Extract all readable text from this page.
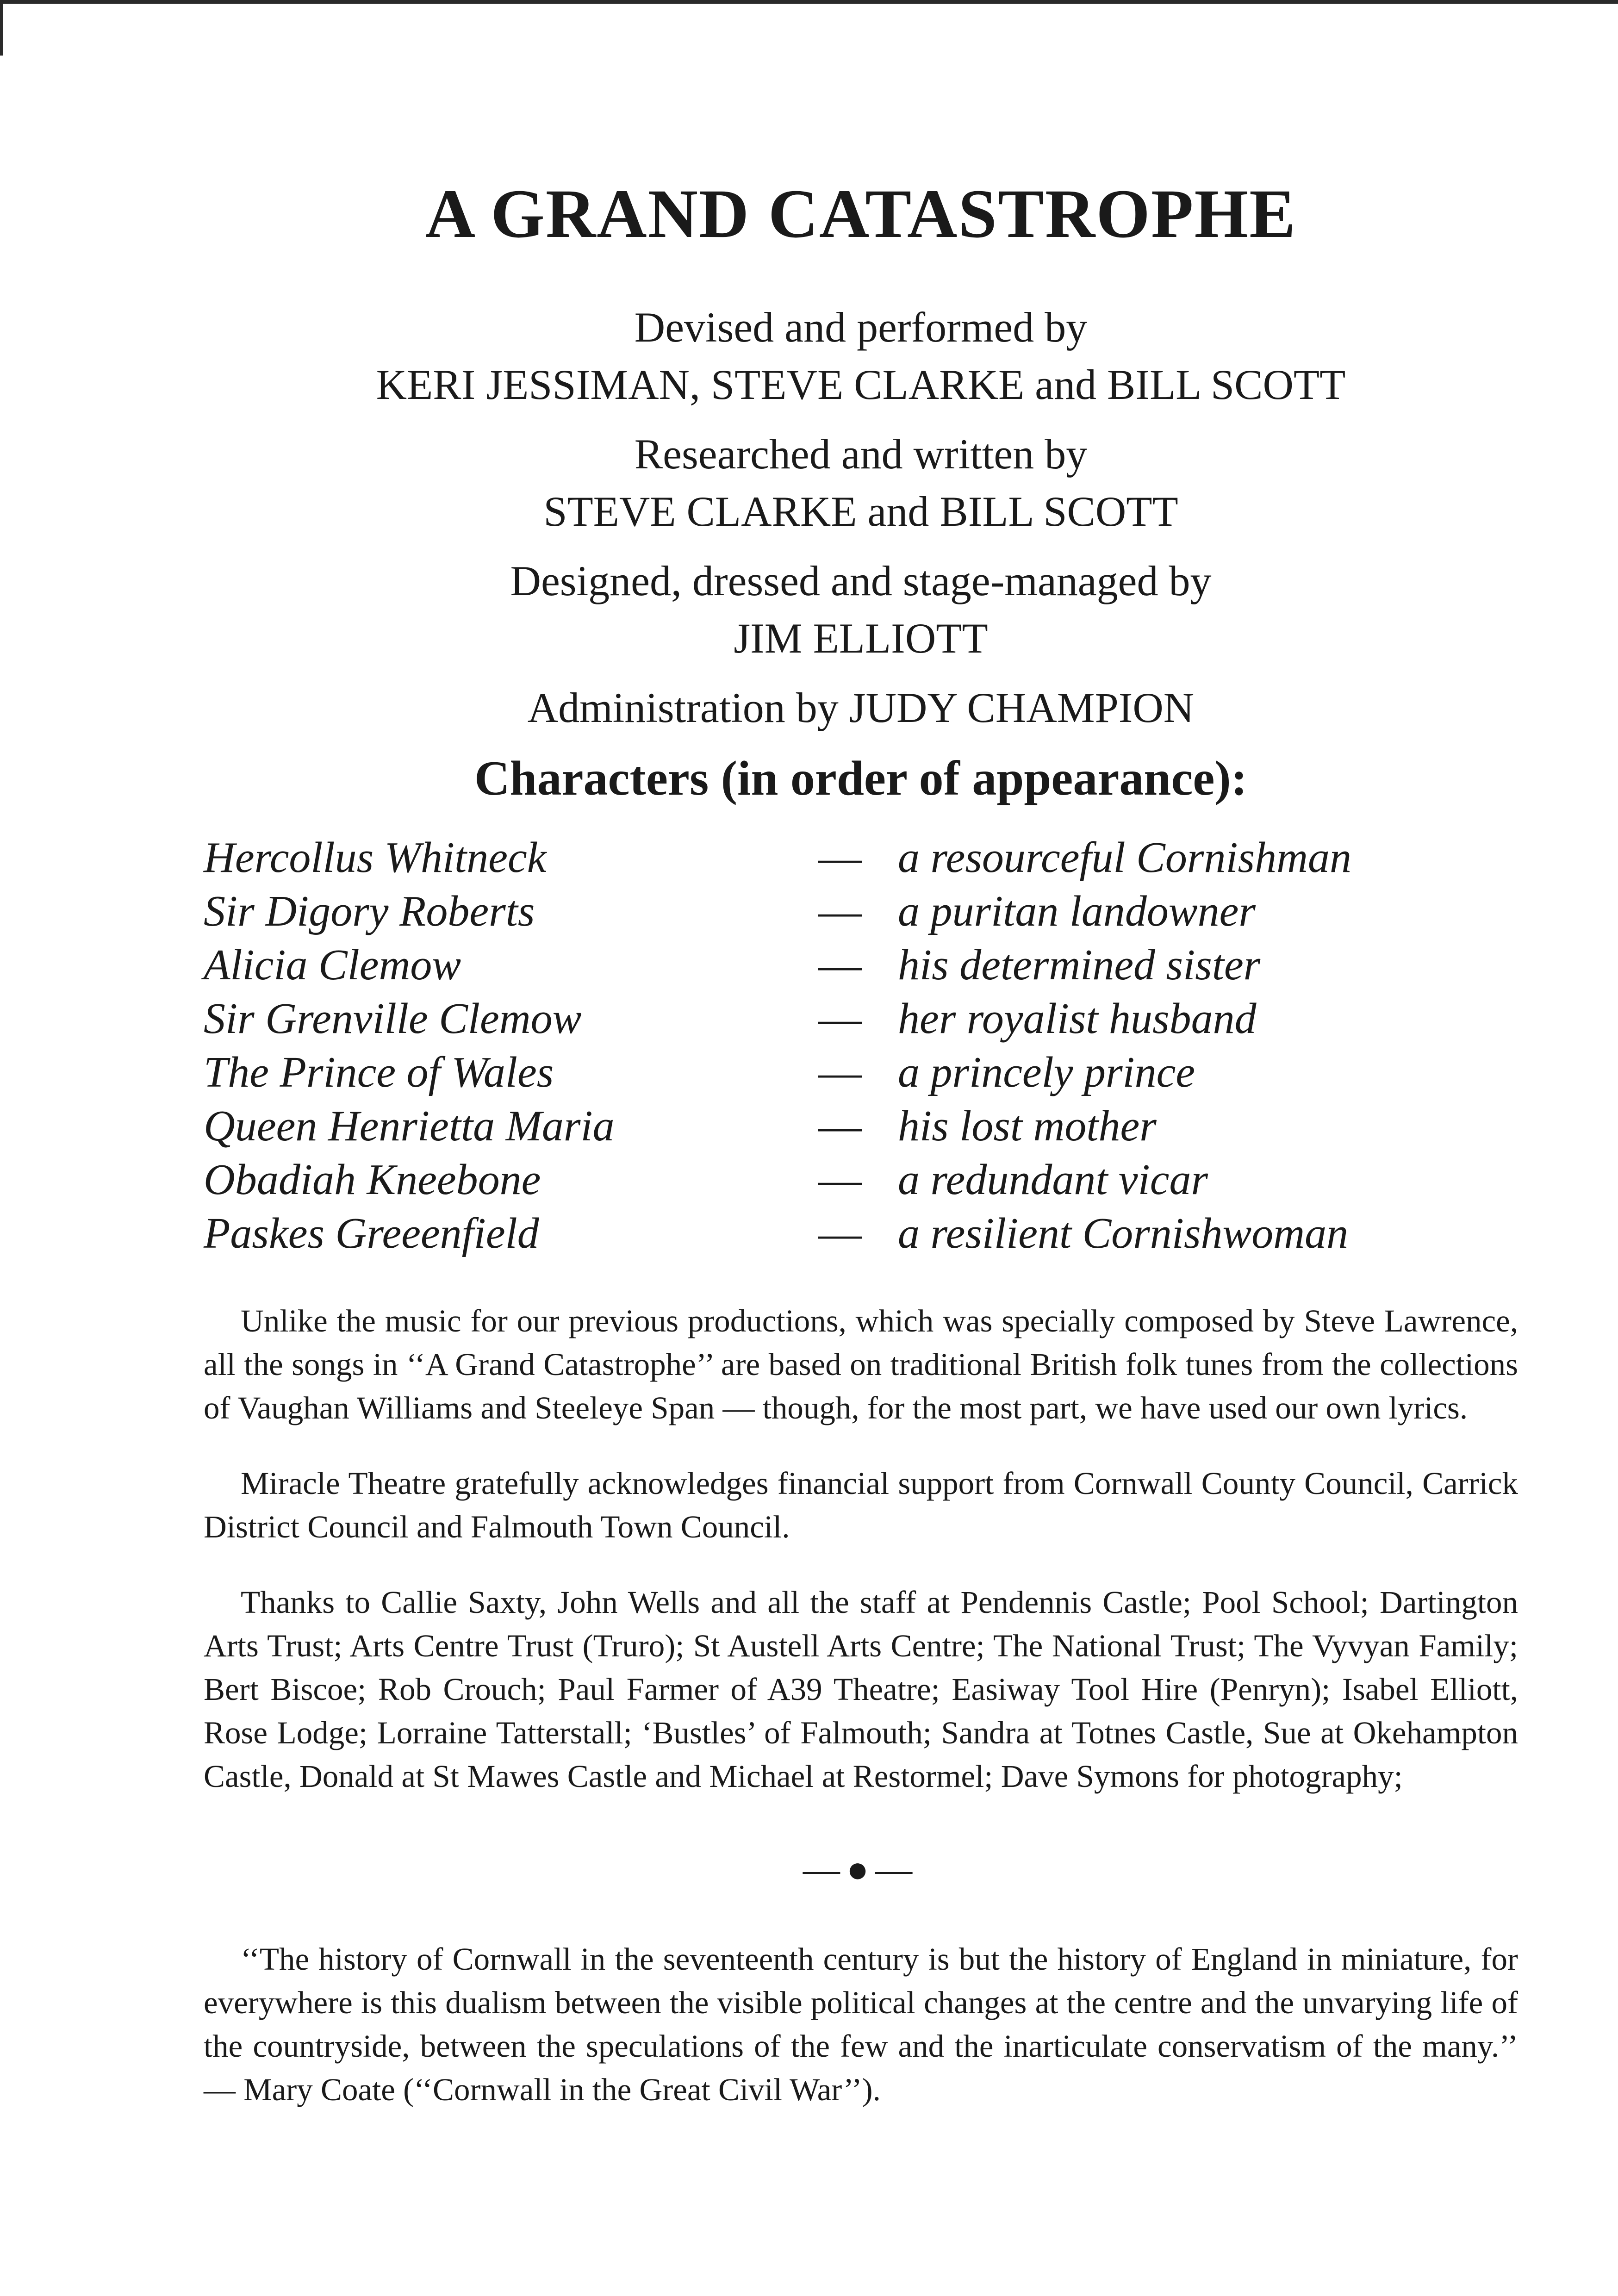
A GRAND CATASTROPHE
Devised and performed by
KERI JESSIMAN, STEVE CLARKE and BILL SCOTT
Researched and written by
STEVE CLARKE and BILL SCOTT
Designed, dressed and stage-managed by
JIM ELLIOTT
Administration by JUDY CHAMPION
Characters (in order of appearance):
Hercollus Whitneck	—	a resourceful Cornishman
Sir Digory Roberts	—	a puritan landowner
Alicia Clemow	—	his determined sister
Sir Grenville Clemow	—	her royalist husband
The Prince of Wales	—	a princely prince
Queen Henrietta Maria	—	his lost mother
Obadiah Kneebone	—	a redundant vicar
Paskes Greeenfield	—	a resilient Cornishwoman

Unlike the music for our previous productions, which was specially composed by Steve Lawrence, all the songs in ‘‘A Grand Catastrophe’’ are based on traditional British folk tunes from the collections of Vaughan Williams and Steeleye Span — though, for the most part, we have used our own lyrics.

Miracle Theatre gratefully acknowledges financial support from Cornwall County Council, Carrick District Council and Falmouth Town Council.

Thanks to Callie Saxty, John Wells and all the staff at Pendennis Castle; Pool School; Dartington Arts Trust; Arts Centre Trust (Truro); St Austell Arts Centre; The National Trust; The Vyvyan Family; Bert Biscoe; Rob Crouch; Paul Farmer of A39 Theatre; Easiway Tool Hire (Penryn); Isabel Elliott, Rose Lodge; Lorraine Tatterstall; ‘Bustles’ of Falmouth; Sandra at Totnes Castle, Sue at Okehampton Castle, Donald at St Mawes Castle and Michael at Restormel; Dave Symons for photography;

—●—

‘‘The history of Cornwall in the seventeenth century is but the history of England in miniature, for everywhere is this dualism between the visible political changes at the centre and the unvarying life of the countryside, between the speculations of the few and the inarticulate conservatism of the many.’’ — Mary Coate (‘‘Cornwall in the Great Civil War’’).
